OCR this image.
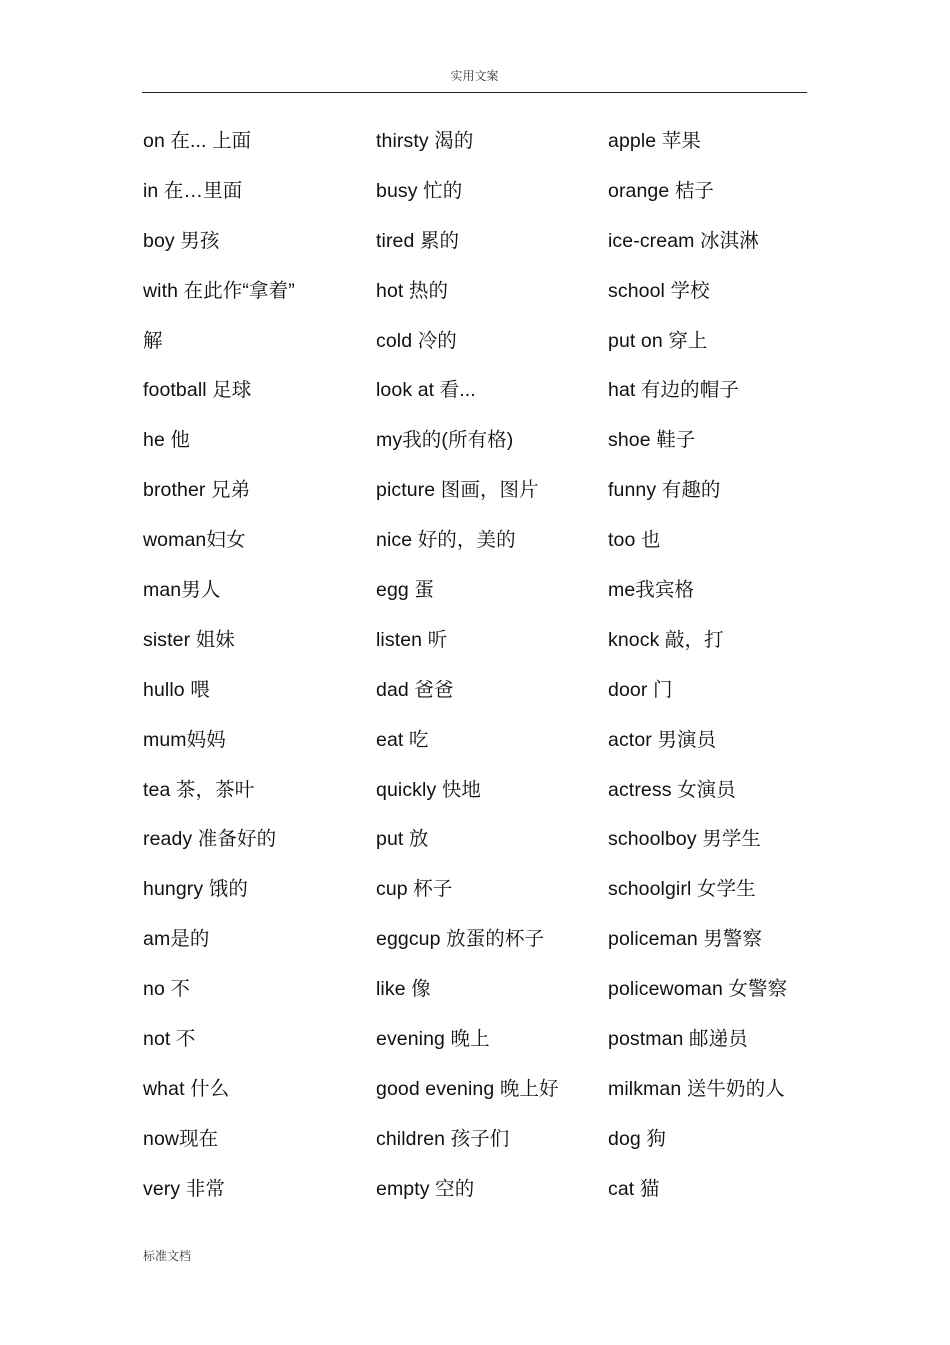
实用文案
on 在... 上面
in 在…里面
boy 男孩
with 在此作“拿着”
解
football 足球
he 他
brother 兄弟
woman妇女
man男人
sister 姐妹
hullo 喂
mum妈妈
tea 茶，茶叶
ready 准备好的
hungry 饿的
am是的
no 不
not 不
what 什么
now现在
very 非常
thirsty 渴的
busy 忙的
tired 累的
hot 热的
cold 冷的
look at 看...
my我的(所有格)
picture 图画，图片
nice 好的，美的
egg 蛋
listen 听
dad 爸爸
eat 吃
quickly 快地
put 放
cup 杯子
eggcup 放蛋的杯子
like 像
evening 晚上
good evening 晚上好
children 孩子们
empty 空的
apple 苹果
orange 桔子
ice-cream 冰淇淋
school 学校
put on 穿上
hat 有边的帽子
shoe 鞋子
funny 有趣的
too 也
me我宾格
knock 敲，打
door 门
actor 男演员
actress 女演员
schoolboy 男学生
schoolgirl 女学生
policeman 男警察
policewoman 女警察
postman 邮递员
milkman 送牛奶的人
dog 狗
cat 猫
标准文档
